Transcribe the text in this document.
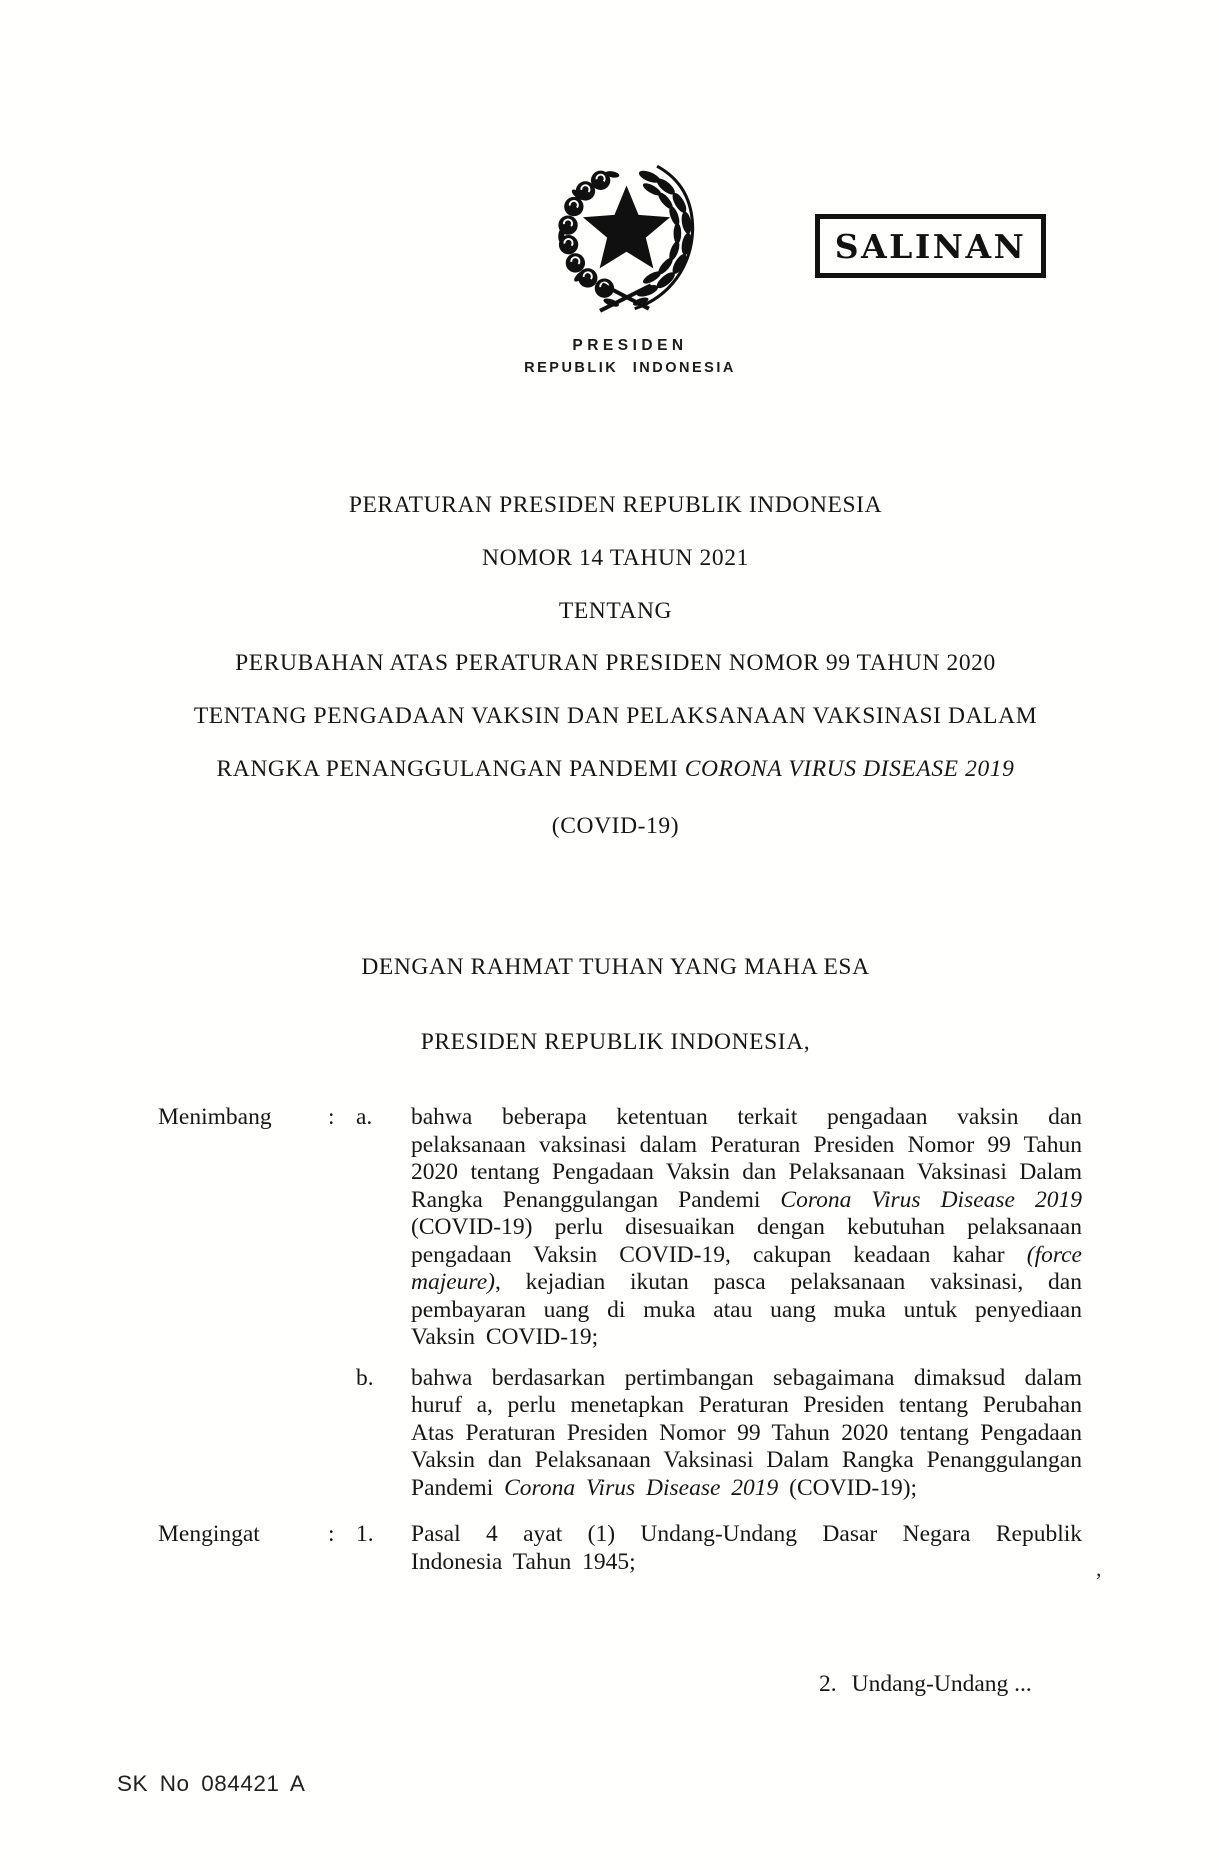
PRESIDEN
REPUBLIK INDONESIA
SALINAN
PERATURAN PRESIDEN REPUBLIK INDONESIA
NOMOR 14 TAHUN 2021
TENTANG
PERUBAHAN ATAS PERATURAN PRESIDEN NOMOR 99 TAHUN 2020
TENTANG PENGADAAN VAKSIN DAN PELAKSANAAN VAKSINASI DALAM
RANGKA PENANGGULANGAN PANDEMI CORONA VIRUS DISEASE 2019
(COVID-19)
DENGAN RAHMAT TUHAN YANG MAHA ESA
PRESIDEN REPUBLIK INDONESIA,
Menimbang	: a.	bahwa beberapa ketentuan terkait pengadaan vaksin dan pelaksanaan vaksinasi dalam Peraturan Presiden Nomor 99 Tahun 2020 tentang Pengadaan Vaksin dan Pelaksanaan Vaksinasi Dalam Rangka Penanggulangan Pandemi Corona Virus Disease 2019 (COVID-19) perlu disesuaikan dengan kebutuhan pelaksanaan pengadaan Vaksin COVID-19, cakupan keadaan kahar (force majeure), kejadian ikutan pasca pelaksanaan vaksinasi, dan pembayaran uang di muka atau uang muka untuk penyediaan Vaksin COVID-19;
b.	bahwa berdasarkan pertimbangan sebagaimana dimaksud dalam huruf a, perlu menetapkan Peraturan Presiden tentang Perubahan Atas Peraturan Presiden Nomor 99 Tahun 2020 tentang Pengadaan Vaksin dan Pelaksanaan Vaksinasi Dalam Rangka Penanggulangan Pandemi Corona Virus Disease 2019 (COVID-19);
Mengingat	: 1.	Pasal 4 ayat (1) Undang-Undang Dasar Negara Republik Indonesia Tahun 1945;	,
2. Undang-Undang ...
SK No 084421 A
